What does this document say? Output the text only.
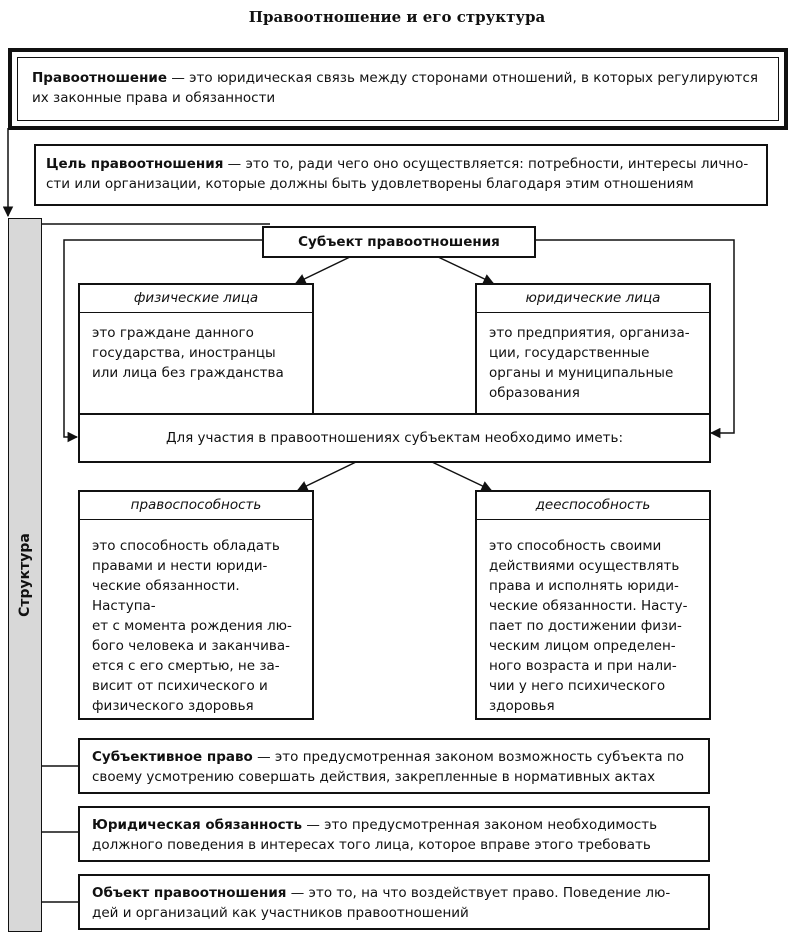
Правоотношение и его структура
Правоотношение — это юридическая связь между сторонами отношений, в которых регулируются
их законные права и обязанности
Структура
Цель правоотношения — это то, ради чего оно осуществляется: потребности, интересы лично-
сти или организации, которые должны быть удовлетворены благодаря этим отношениям
Субъект правоотношения
физические лица
это граждане данного
государства, иностранцы
или лица без гражданства
юридические лица
это предприятия, организа-
ции, государственные
органы и муниципальные
образования
Для участия в правоотношениях субъектам необходимо иметь:
правоспособность
это способность обладать
правами и нести юриди-
ческие обязанности. Наступа-
ет с момента рождения лю-
бого человека и заканчива-
ется с его смертью, не за-
висит от психического и
физического здоровья
дееспособность
это способность своими
действиями осуществлять
права и исполнять юриди-
ческие обязанности. Насту-
пает по достижении физи-
ческим лицом определен-
ного возраста и при нали-
чии у него психического
здоровья
Субъективное право — это предусмотренная законом возможность субъекта по
своему усмотрению совершать действия, закрепленные в нормативных актах
Юридическая обязанность — это предусмотренная законом необходимость
должного поведения в интересах того лица, которое вправе этого требовать
Объект правоотношения — это то, на что воздействует право. Поведение лю-
дей и организаций как участников правоотношений
